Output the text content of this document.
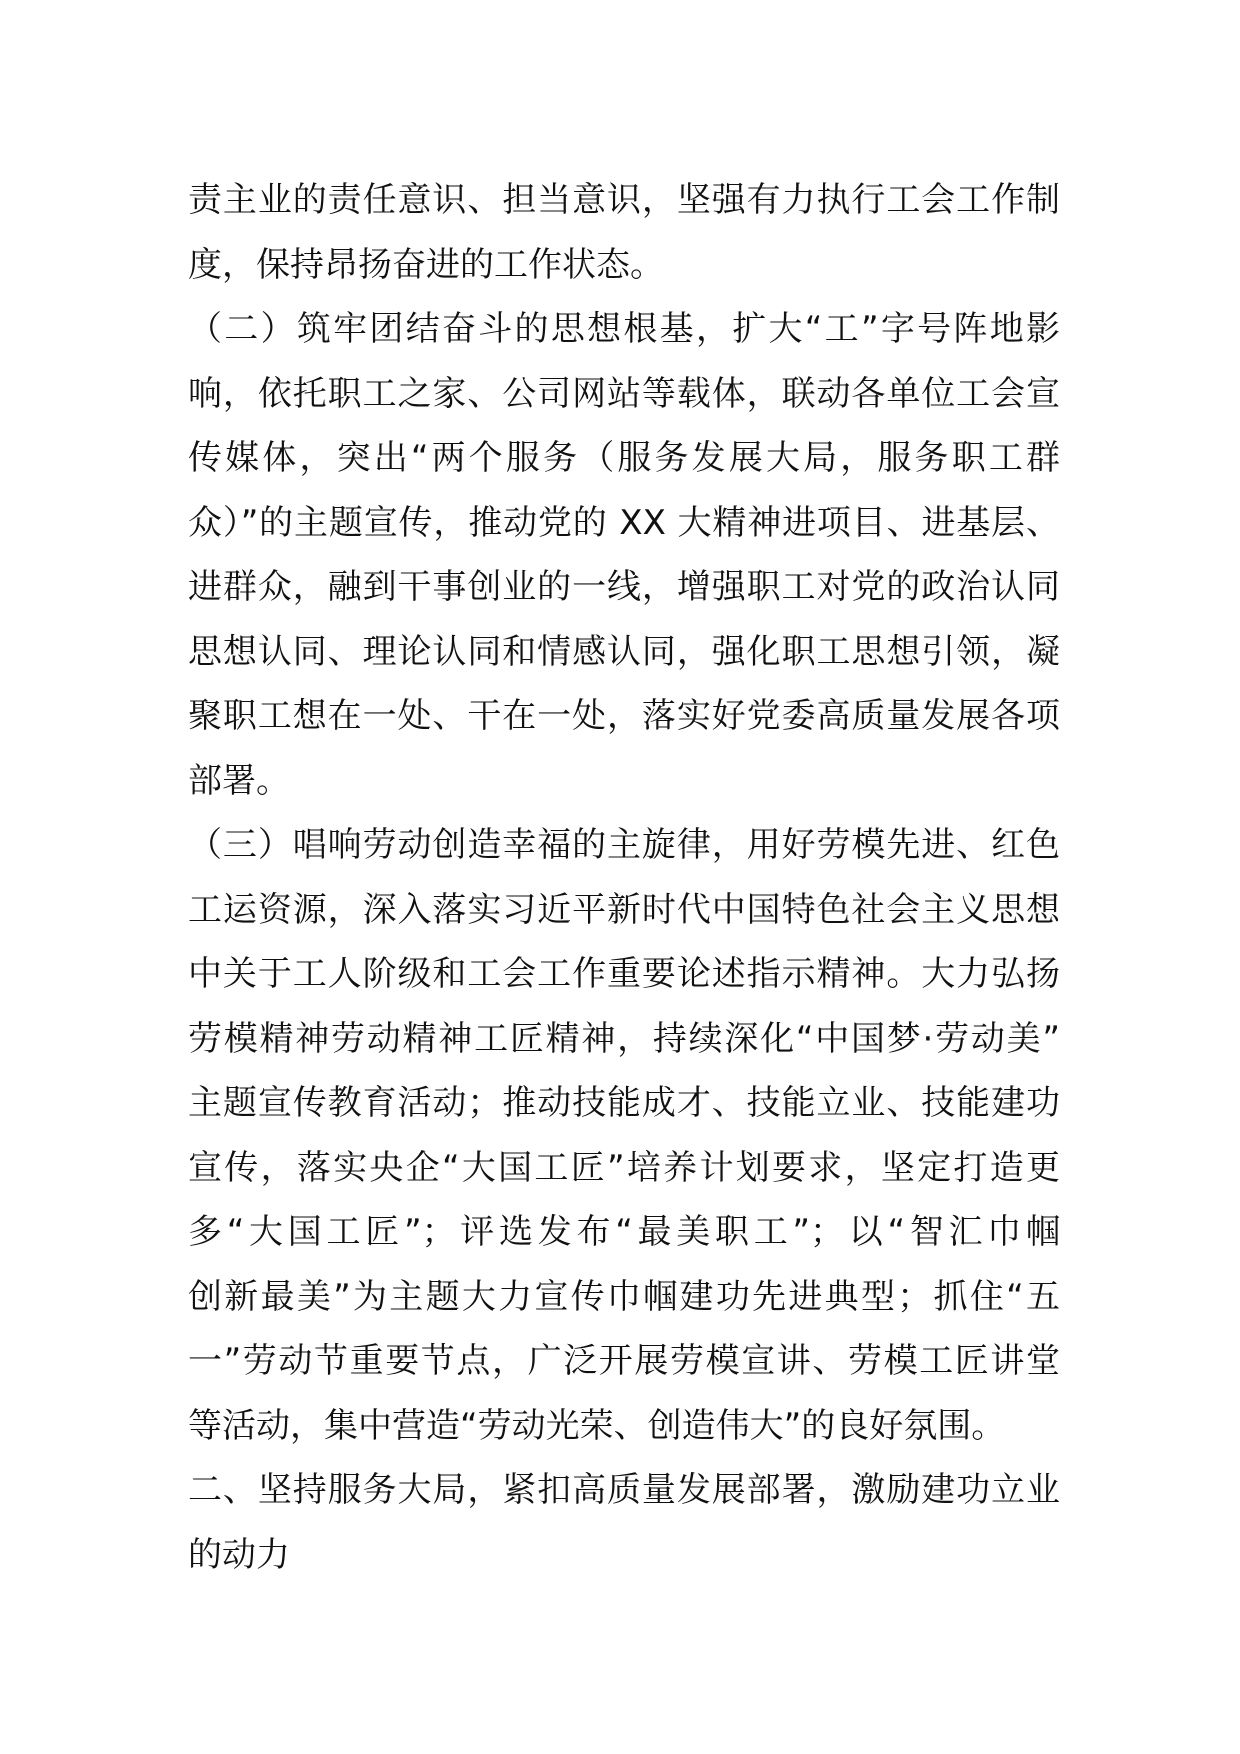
责主业的责任意识、担当意识，坚强有力执行工会工作制
度，保持昂扬奋进的工作状态。
（二）筑牢团结奋斗的思想根基，扩大“工”字号阵地影
响，依托职工之家、公司网站等载体，联动各单位工会宣
传媒体，突出“两个服务（服务发展大局，服务职工群
众）”的主题宣传，推动党的 XX 大精神进项目、进基层、
进群众，融到干事创业的一线，增强职工对党的政治认同
思想认同、理论认同和情感认同，强化职工思想引领，凝
聚职工想在一处、干在一处，落实好党委高质量发展各项
部署。
（三）唱响劳动创造幸福的主旋律，用好劳模先进、红色
工运资源，深入落实习近平新时代中国特色社会主义思想
中关于工人阶级和工会工作重要论述指示精神。大力弘扬
劳模精神劳动精神工匠精神，持续深化“中国梦·劳动美”
主题宣传教育活动；推动技能成才、技能立业、技能建功
宣传，落实央企“大国工匠”培养计划要求，坚定打造更
多“大国工匠”；评选发布“最美职工”；以“智汇巾帼
创新最美”为主题大力宣传巾帼建功先进典型；抓住“五
一”劳动节重要节点，广泛开展劳模宣讲、劳模工匠讲堂
等活动，集中营造“劳动光荣、创造伟大”的良好氛围。
二、坚持服务大局，紧扣高质量发展部署，激励建功立业
的动力
